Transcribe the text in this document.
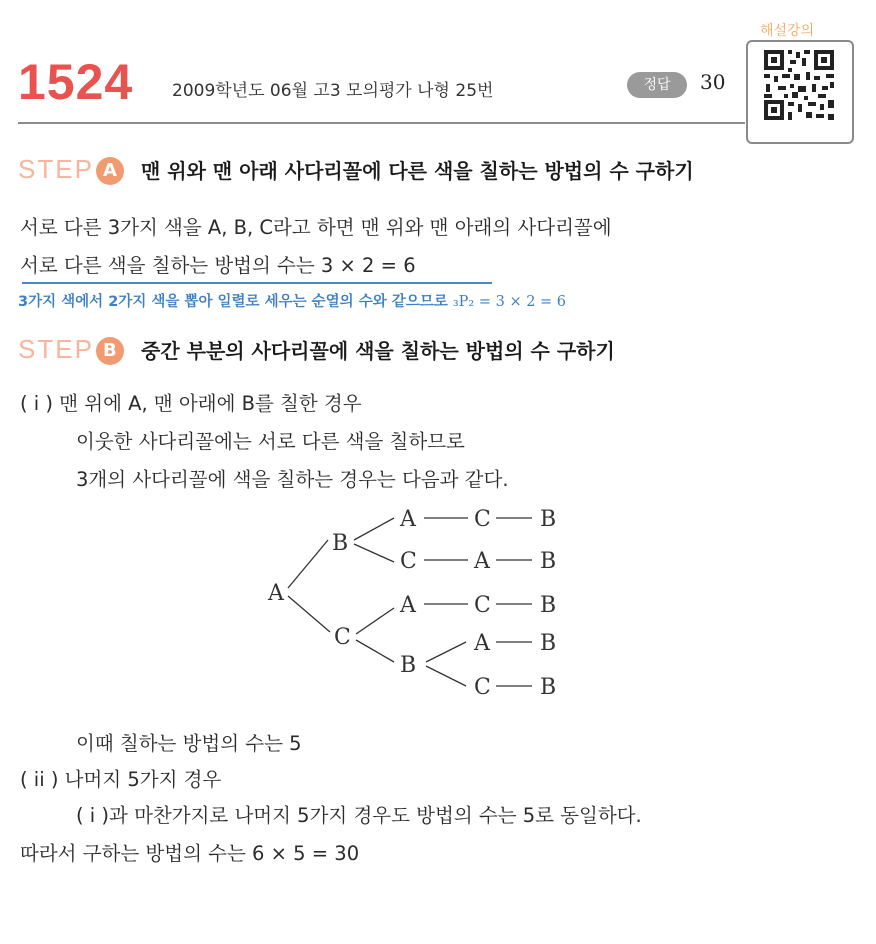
1524 2009학년도 06월 고3 모의평가 나형 25번	정답	30
해설강의
STEP A 맨 위와 맨 아래 사다리꼴에 다른 색을 칠하는 방법의 수 구하기
서로 다른 3가지 색을 A, B, C라고 하면 맨 위와 맨 아래의 사다리꼴에
서로 다른 색을 칠하는 방법의 수는 3 × 2 = 6
3가지 색에서 2가지 색을 뽑아 일렬로 세우는 순열의 수와 같으므로 ₃P₂ = 3 × 2 = 6
STEP B 중간 부분의 사다리꼴에 색을 칠하는 방법의 수 구하기
( i ) 맨 위에 A, 맨 아래에 B를 칠한 경우
이웃한 사다리꼴에는 서로 다른 색을 칠하므로
3개의 사다리꼴에 색을 칠하는 경우는 다음과 같다.
A
B
C
A
C
A
B
C
A
C
A
C
B
B
B
B
B
이때 칠하는 방법의 수는 5
( ii ) 나머지 5가지 경우
( i )과 마찬가지로 나머지 5가지 경우도 방법의 수는 5로 동일하다.
따라서 구하는 방법의 수는 6 × 5 = 30
